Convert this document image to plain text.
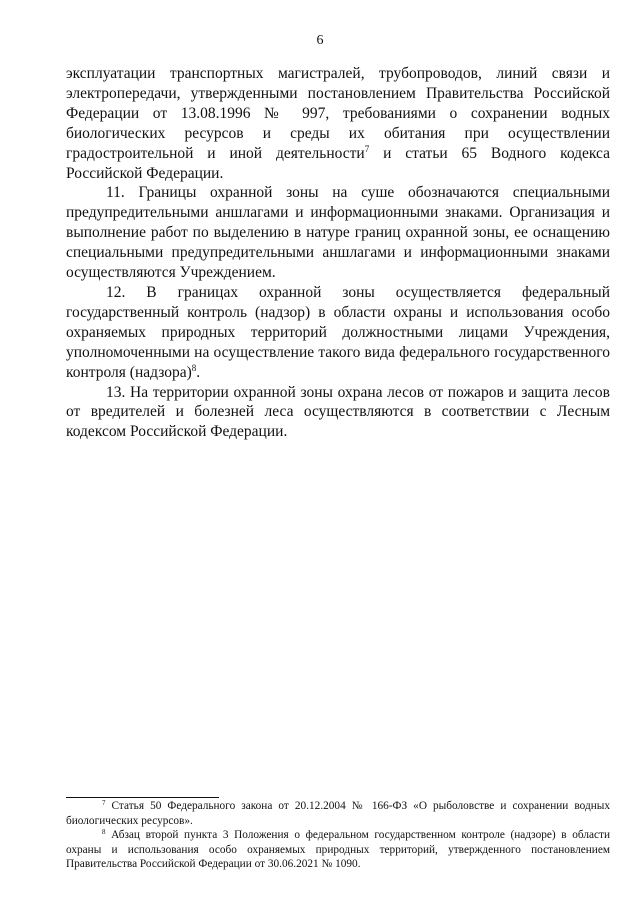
6

эксплуатации транспортных магистралей, трубопроводов, линий связи и электропередачи, утвержденными постановлением Правительства Российской Федерации от 13.08.1996 № 997, требованиями о сохранении водных биологических ресурсов и среды их обитания при осуществлении градостроительной и иной деятельности$^7$ и статьи 65 Водного кодекса Российской Федерации.

11. Границы охранной зоны на суше обозначаются специальными предупредительными аншлагами и информационными знаками. Организация и выполнение работ по выделению в натуре границ охранной зоны, ее оснащению специальными предупредительными аншлагами и информационными знаками осуществляются Учреждением.

12. В границах охранной зоны осуществляется федеральный государственный контроль (надзор) в области охраны и использования особо охраняемых природных территорий должностными лицами Учреждения, уполномоченными на осуществление такого вида федерального государственного контроля (надзора)$^8$.

13. На территории охранной зоны охрана лесов от пожаров и защита лесов от вредителей и болезней леса осуществляются в соответствии с Лесным кодексом Российской Федерации.

$^7$ Статья 50 Федерального закона от 20.12.2004 № 166-ФЗ «О рыболовстве и сохранении водных биологических ресурсов».

$^8$ Абзац второй пункта 3 Положения о федеральном государственном контроле (надзоре) в области охраны и использования особо охраняемых природных территорий, утвержденного постановлением Правительства Российской Федерации от 30.06.2021 № 1090.
